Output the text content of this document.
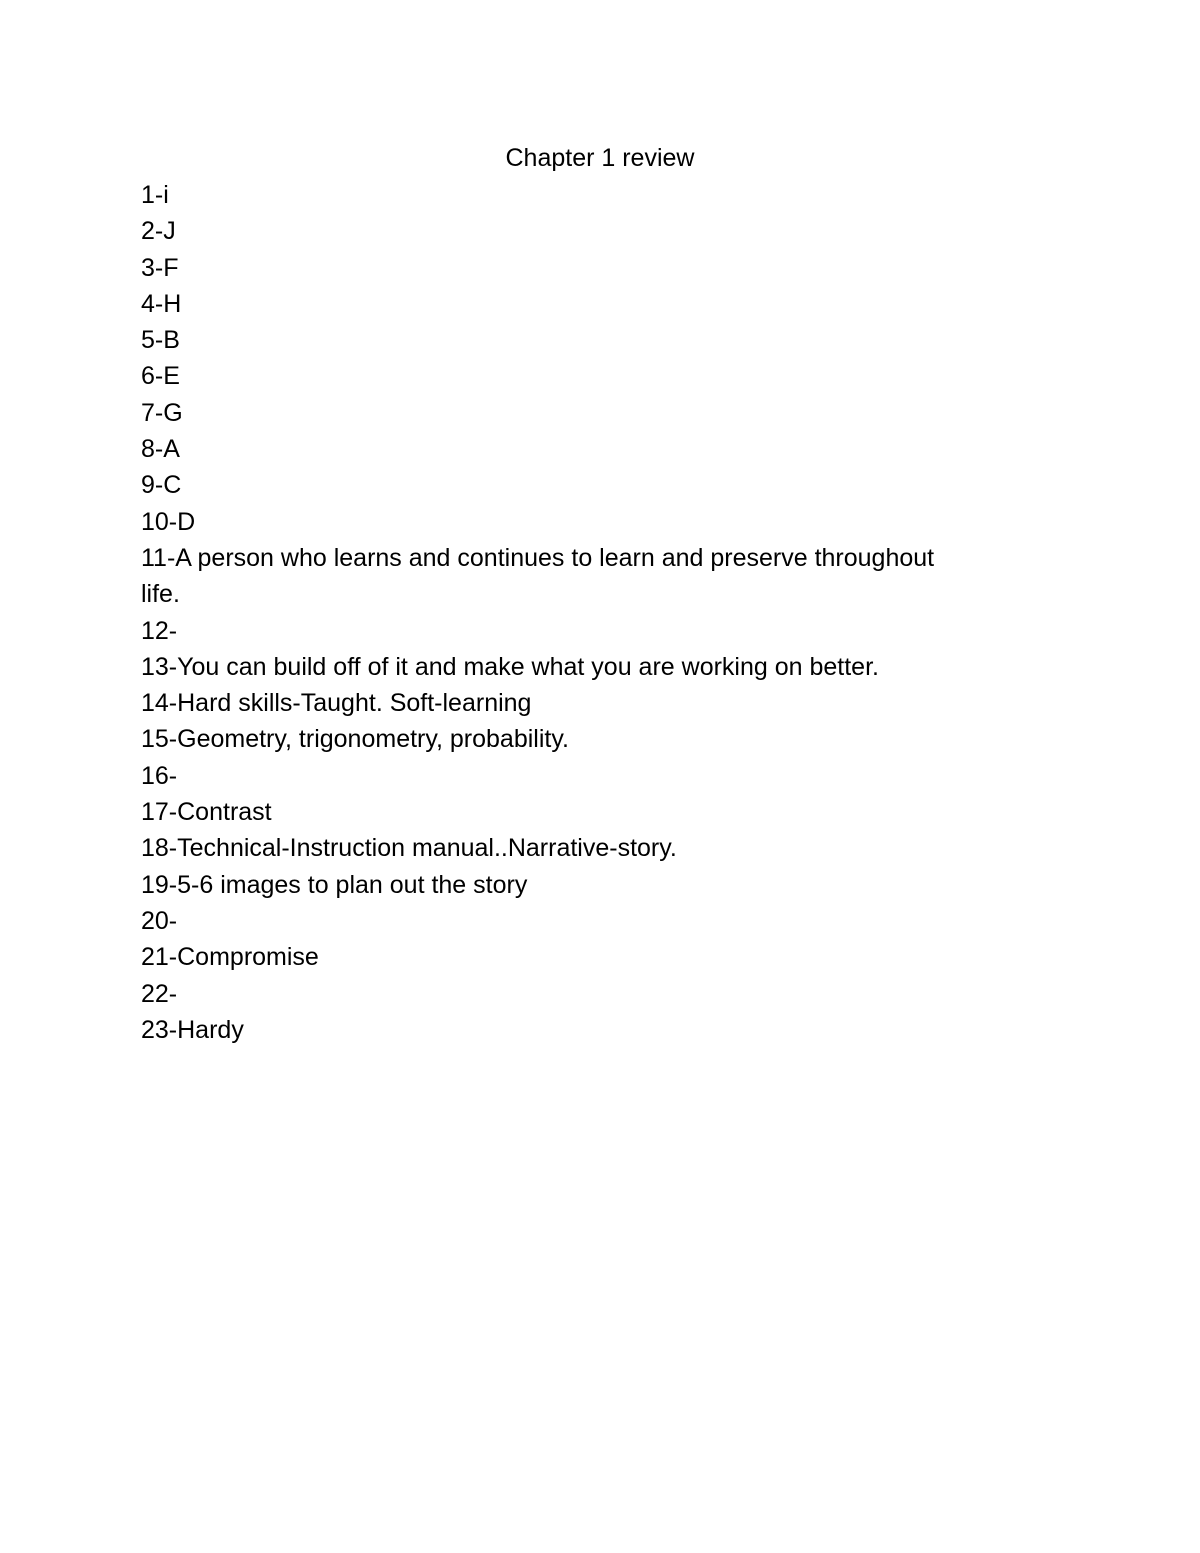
Chapter 1 review
1-i
2-J
3-F
4-H
5-B
6-E
7-G
8-A
9-C
10-D
11-A person who learns and continues to learn and preserve throughout
life.
12-
13-You can build off of it and make what you are working on better.
14-Hard skills-Taught. Soft-learning
15-Geometry, trigonometry, probability.
16-
17-Contrast
18-Technical-Instruction manual..Narrative-story.
19-5-6 images to plan out the story
20-
21-Compromise
22-
23-Hardy
